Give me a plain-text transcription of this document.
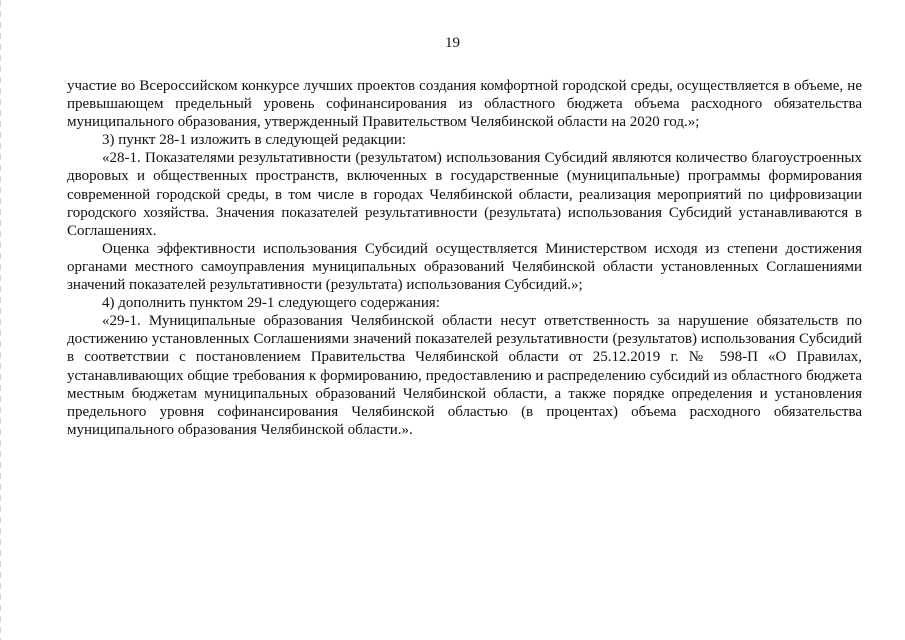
19

участие во Всероссийском конкурсе лучших проектов создания комфортной городской среды, осуществляется в объеме, не превышающем предельный уровень софинансирования из областного бюджета объема расходного обязательства муниципального образования, утвержденный Правительством Челябинской области на 2020 год.»;

3) пункт 28-1 изложить в следующей редакции:

«28-1. Показателями результативности (результатом) использования Субсидий являются количество благоустроенных дворовых и общественных пространств, включенных в государственные (муниципальные) программы формирования современной городской среды, в том числе в городах Челябинской области, реализация мероприятий по цифровизации городского хозяйства. Значения показателей результативности (результата) использования Субсидий устанавливаются в Соглашениях.

Оценка эффективности использования Субсидий осуществляется Министерством исходя из степени достижения органами местного самоуправления муниципальных образований Челябинской области установленных Соглашениями значений показателей результативности (результата) использования Субсидий.»;

4) дополнить пунктом 29-1 следующего содержания:

«29-1. Муниципальные образования Челябинской области несут ответственность за нарушение обязательств по достижению установленных Соглашениями значений показателей результативности (результатов) использования Субсидий в соответствии с постановлением Правительства Челябинской области от 25.12.2019 г. № 598-П «О Правилах, устанавливающих общие требования к формированию, предоставлению и распределению субсидий из областного бюджета местным бюджетам муниципальных образований Челябинской области, а также порядке определения и установления предельного уровня софинансирования Челябинской областью (в процентах) объема расходного обязательства муниципального образования Челябинской области.».
